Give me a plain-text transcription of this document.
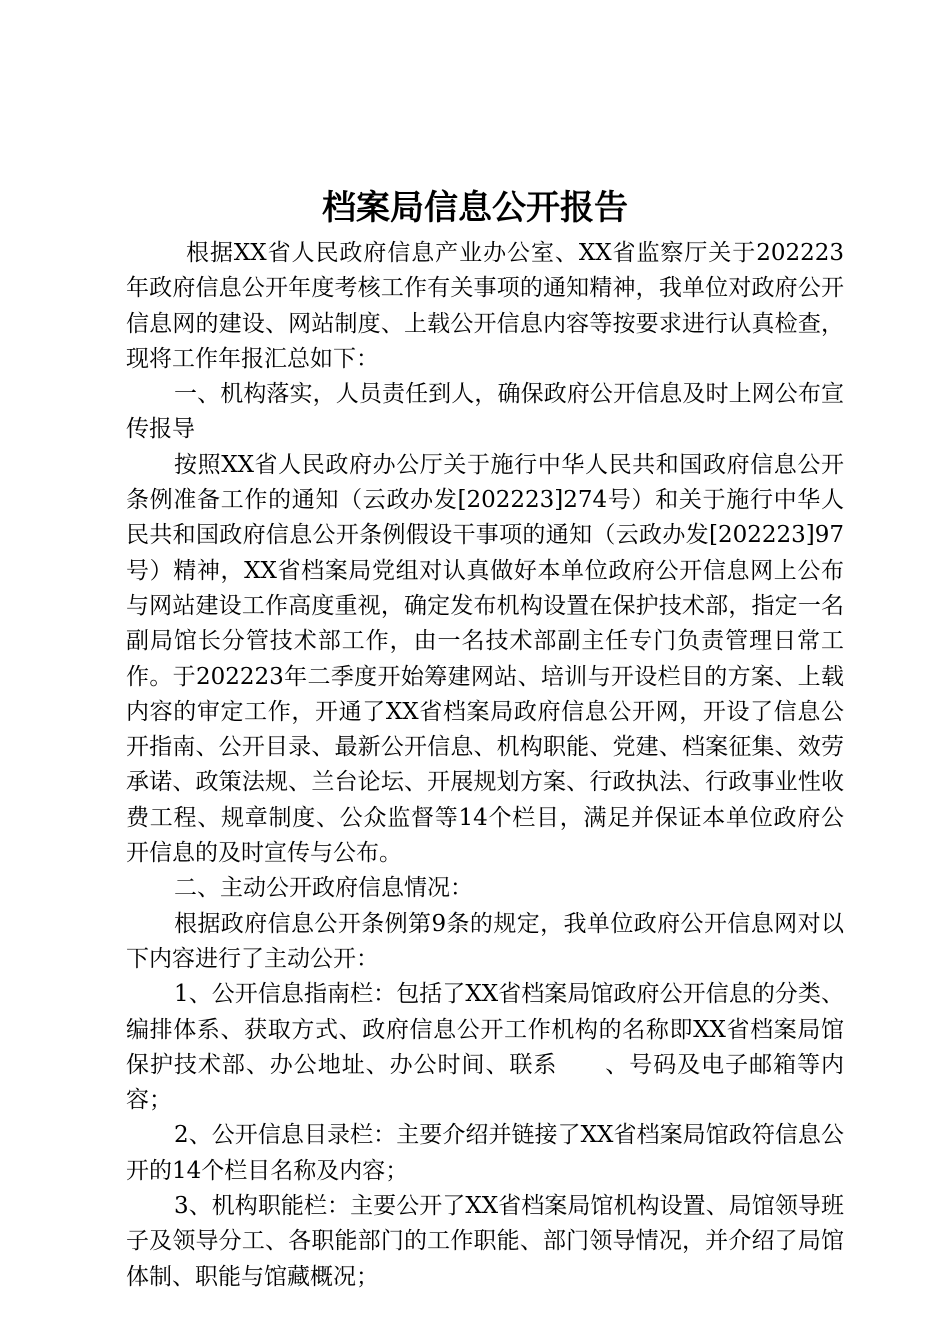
档案局信息公开报告

根据XX省人民政府信息产业办公室、XX省监察厅关于202223年政府信息公开年度考核工作有关事项的通知精神，我单位对政府公开信息网的建设、网站制度、上载公开信息内容等按要求进行认真检查，现将工作年报汇总如下：

一、机构落实，人员责任到人，确保政府公开信息及时上网公布宣传报导

按照XX省人民政府办公厅关于施行中华人民共和国政府信息公开条例准备工作的通知（云政办发[202223]274号）和关于施行中华人民共和国政府信息公开条例假设干事项的通知（云政办发[202223]97号）精神，XX省档案局党组对认真做好本单位政府公开信息网上公布与网站建设工作高度重视，确定发布机构设置在保护技术部，指定一名副局馆长分管技术部工作，由一名技术部副主任专门负责管理日常工作。于202223年二季度开始筹建网站、培训与开设栏目的方案、上载内容的审定工作，开通了XX省档案局政府信息公开网，开设了信息公开指南、公开目录、最新公开信息、机构职能、党建、档案征集、效劳承诺、政策法规、兰台论坛、开展规划方案、行政执法、行政事业性收费工程、规章制度、公众监督等14个栏目，满足并保证本单位政府公开信息的及时宣传与公布。

二、主动公开政府信息情况：

根据政府信息公开条例第9条的规定，我单位政府公开信息网对以下内容进行了主动公开：

1、公开信息指南栏：包括了XX省档案局馆政府公开信息的分类、编排体系、获取方式、政府信息公开工作机构的名称即XX省档案局馆保护技术部、办公地址、办公时间、联系　　、号码及电子邮箱等内容；

2、公开信息目录栏：主要介绍并链接了XX省档案局馆政符信息公开的14个栏目名称及内容；

3、机构职能栏：主要公开了XX省档案局馆机构设置、局馆领导班子及领导分工、各职能部门的工作职能、部门领导情况，并介绍了局馆体制、职能与馆藏概况；
